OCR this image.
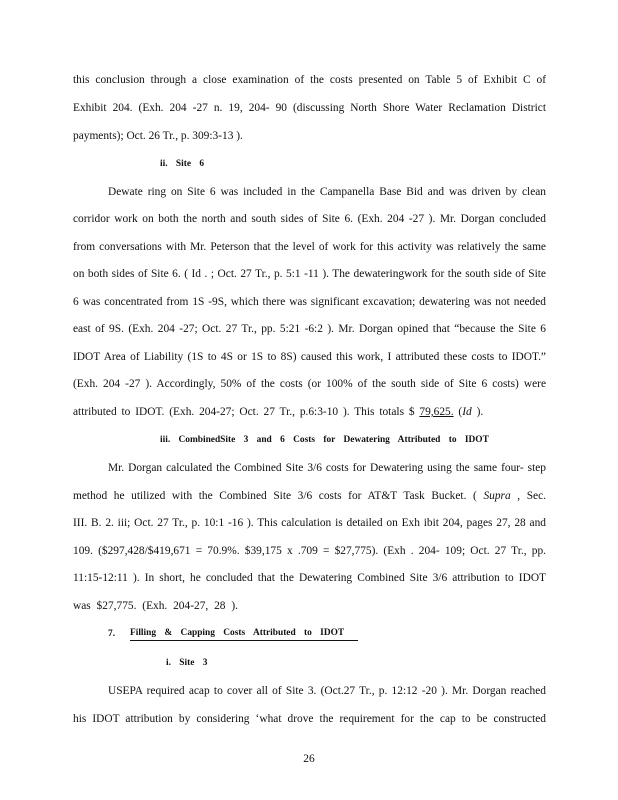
this conclusion through a close examination of the costs presented on Table 5 of Exhibit C of

Exhibit 204. (Exh. 204 -27 n. 19, 204- 90 (discussing North Shore Water Reclamation District

payments); Oct. 26 Tr., p. 309:3-13 ).

ii. Site 6

Dewate ring on Site 6 was included in the Campanella Base Bid and was driven by clean

corridor work on both the north and south sides of Site 6. (Exh. 204 -27 ). Mr. Dorgan concluded

from conversations with Mr. Peterson that the level of work for this activity was relatively the same

on both sides of Site 6. ( Id . ; Oct. 27 Tr., p. 5:1 -11 ). The dewateringwork for the south side of Site

6 was concentrated from 1S -9S, which there was significant excavation; dewatering was not needed

east of 9S. (Exh. 204 -27; Oct. 27 Tr., pp. 5:21 -6:2 ). Mr. Dorgan opined that “because the Site 6

IDOT Area of Liability (1S to 4S or 1S to 8S) caused this work, I attributed these costs to IDOT.”

(Exh. 204 -27 ). Accordingly, 50% of the costs (or 100% of the south side of Site 6 costs) were

attributed to IDOT. (Exh. 204-27; Oct. 27 Tr., p.6:3-10 ). This totals $ 79,625. (Id ).

iii. CombinedSite 3 and 6 Costs for Dewatering Attributed to IDOT

Mr. Dorgan calculated the Combined Site 3/6 costs for Dewatering using the same four- step

method he utilized with the Combined Site 3/6 costs for AT&T Task Bucket. ( Supra , Sec.

III. B. 2. iii; Oct. 27 Tr., p. 10:1 -16 ). This calculation is detailed on Exh ibit 204, pages 27, 28 and

109. ($297,428/$419,671 = 70.9%. $39,175 x .709 = $27,775). (Exh . 204- 109; Oct. 27 Tr., pp.

11:15-12:11 ). In short, he concluded that the Dewatering Combined Site 3/6 attribution to IDOT

was $27,775. (Exh. 204-27, 28 ).

7. Filling & Capping Costs Attributed to IDOT

i. Site 3

USEPA required acap to cover all of Site 3. (Oct.27 Tr., p. 12:12 -20 ). Mr. Dorgan reached

his IDOT attribution by considering ‘what drove the requirement for the cap to be constructed

26
